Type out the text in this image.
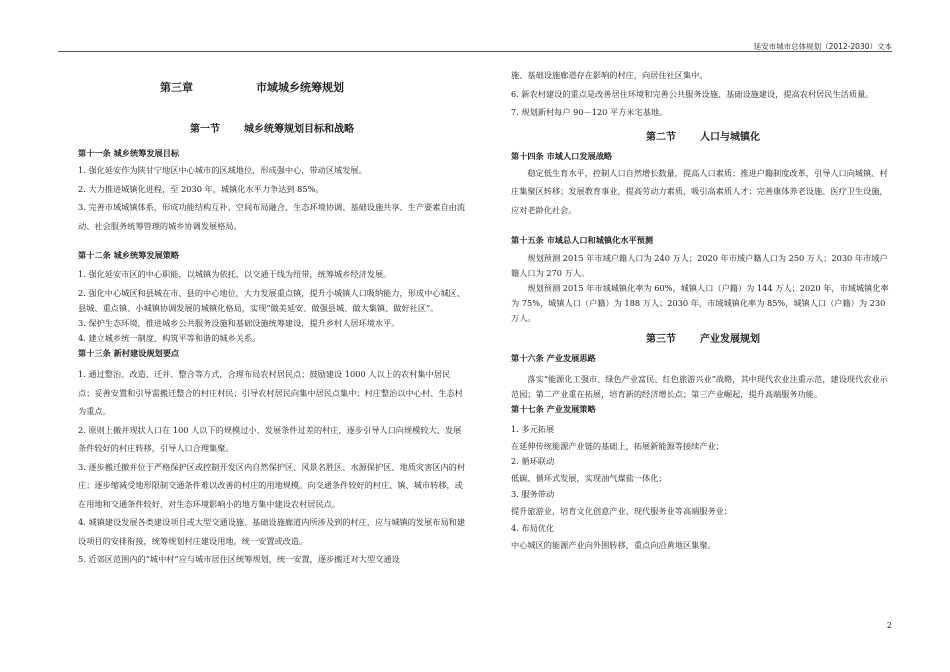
延安市城市总体规划（2012-2030）文本
第三章	市域城乡统筹规划
第一节 城乡统筹规划目标和战略

第十一条 城乡统筹发展目标

1. 强化延安作为陕甘宁地区中心城市的区域地位，形成强中心，带动区域发展。

2. 大力推进城镇化进程，至 2030 年，城镇化水平力争达到 85%。

3. 完善市域城镇体系，形成功能结构互补、空间布局融合、生态环境协调、基础设施共享、生产要素自由流动、社会服务统筹管理的城乡协调发展格局。

第十二条 城乡统筹发展策略

1. 强化延安市区的中心职能，以城镇为依托，以交通干线为纽带，统筹城乡经济发展。

2. 强化中心城区和县城在市、县的中心地位，大力发展重点镇，提升小城镇人口吸纳能力，形成中心城区、县城、重点镇、小城镇协调发展的城镇化格局，实现“做美延安、做强县城、做大集镇、做好社区”。

3. 保护生态环境，推进城乡公共服务设施和基础设施统筹建设，提升乡村人居环境水平。

4. 建立城乡统一制度，构筑平等和谐的城乡关系。

第十三条 新村建设规划要点

1. 通过整治、改造、迁并、整合等方式，合理布局农村居民点；鼓励建设 1000 人以上的农村集中居民点；妥善安置和引导需搬迁整合的村庄村民；引导农村居民向集中居民点集中；村庄整治以中心村、生态村为重点。

2. 原则上撤并现状人口在 100 人以下的规模过小、发展条件过差的村庄，逐步引导人口向规模较大、发展条件较好的村庄转移，引导人口合理集聚。

3. 逐步搬迁撤并位于严格保护区或控制开发区内自然保护区、风景名胜区、水源保护区、地质灾害区内的村庄；逐步缩减受地形限制交通条件难以改善的村庄的用地规模。向交通条件较好的村庄、镇、城市转移，或在用地和交通条件较好、对生态环境影响小的地方集中建设农村居民点。

4. 城镇建设发展各类建设项目或大型交通设施、基础设施廊道内所涉及到的村庄，应与城镇的发展布局和建设项目的安排衔接，统筹规划村庄建设用地，统一安置或改造。

5. 近郊区范围内的“城中村”应与城市居住区统筹规划，统一安置，逐步搬迁对大型交通设

施、基础设施廊道存在影响的村庄，向居住社区集中。

6. 新农村建设的重点是改善居住环境和完善公共服务设施、基础设施建设，提高农村居民生活质量。

7. 规划新村每户 90－120 平方米宅基地。

第二节 人口与城镇化

第十四条 市域人口发展战略

稳定低生育水平，控制人口自然增长数量，提高人口素质；推进户籍制度改革，引导人口向城镇、村庄集聚区转移；发展教育事业，提高劳动力素质，吸引高素质人才；完善康体养老设施、医疗卫生设施，应对老龄化社会。

第十五条 市域总人口和城镇化水平预测

规划预测 2015 年市域户籍人口为 240 万人；2020 年市域户籍人口为 250 万人；2030 年市域户籍人口为 270 万人。

规划预测 2015 年市域城镇化率为 60%，城镇人口（户籍）为 144 万人；2020 年，市域城镇化率为 75%，城镇人口（户籍）为 188 万人；2030 年，市域城镇化率为 85%，城镇人口（户籍）为 230 万人。

第三节 产业发展规划

第十六条 产业发展思路

落实“能源化工强市、绿色产业富民、红色旅游兴业”战略，其中现代农业注重示范，建设现代农业示范园；第二产业重在拓展，培育新的经济增长点；第三产业崛起，提升高端服务功能。

第十七条 产业发展策略

1. 多元拓展

在延伸传统能源产业链的基础上，拓展新能源等接续产业；

2. 循环联动

低碳、循环式发展，实现油气煤盐一体化；

3. 服务带动

提升旅游业，培育文化创意产业、现代服务业等高端服务业；

4. 布局优化

中心城区的能源产业向外围转移，重点向沿黄地区集聚。

2
